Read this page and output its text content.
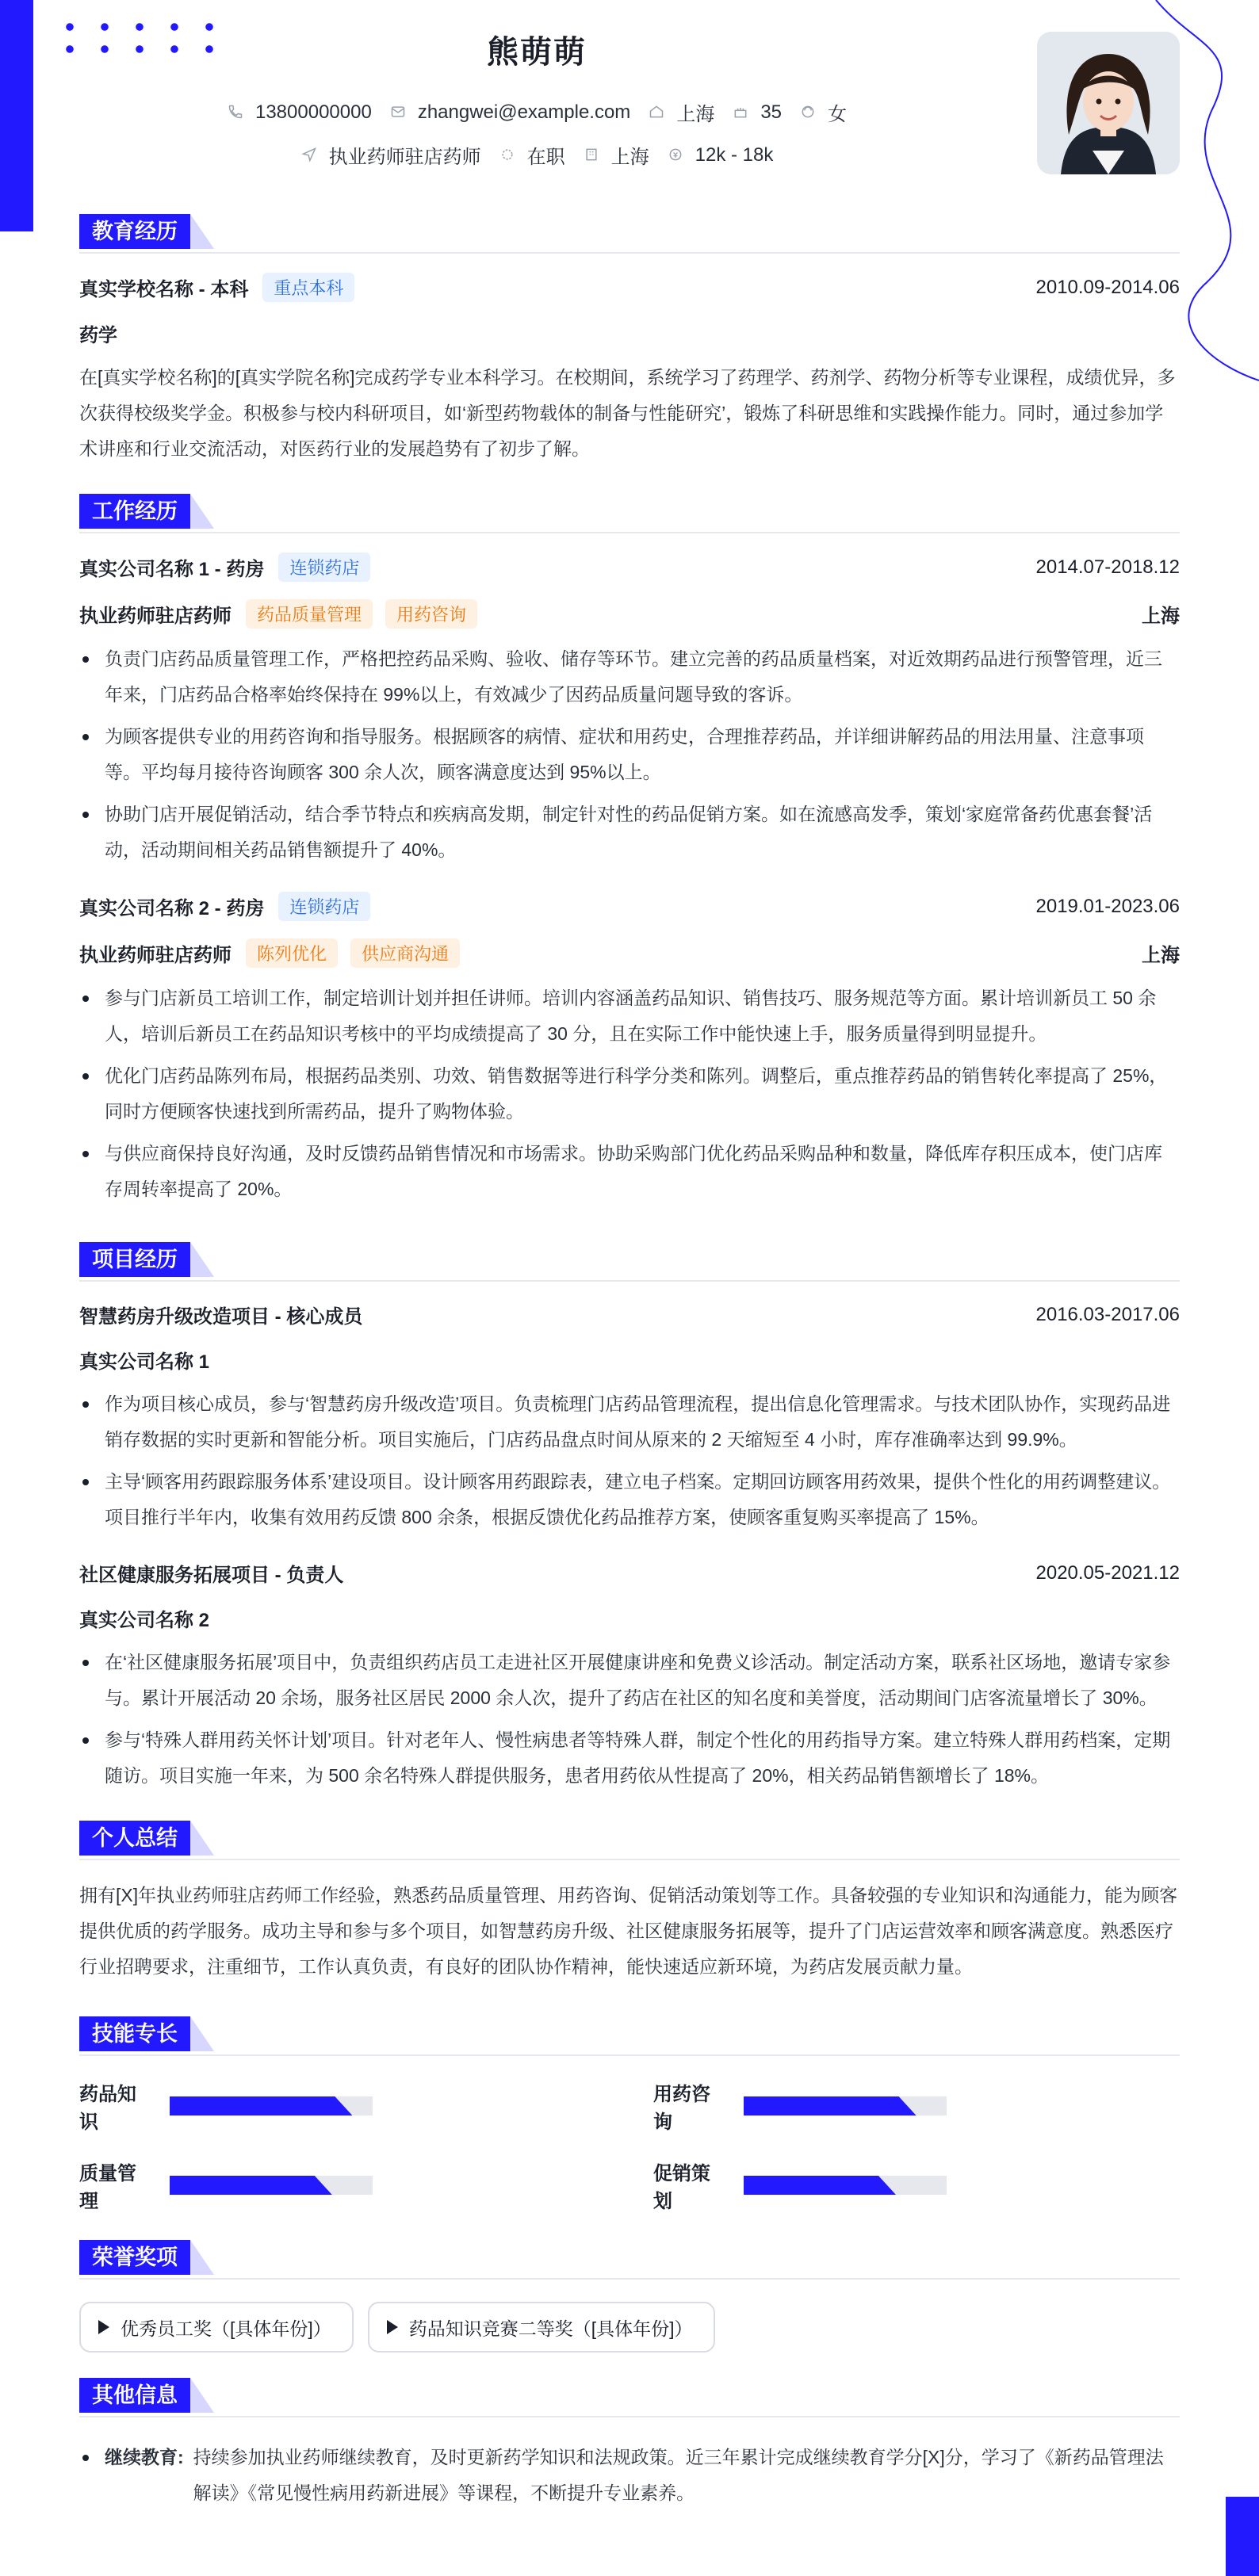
熊萌萌
13800000000 zhangwei@example.com 上海 35 女
执业药师驻店药师 在职 上海 12k - 18k
教育经历
真实学校名称 - 本科	重点本科	2010.09-2014.06
药学
在[真实学校名称]的[真实学院名称]完成药学专业本科学习。在校期间，系统学习了药理学、药剂学、药物分析等专业课程，成绩优异，多次获得校级奖学金。积极参与校内科研项目，如‘新型药物载体的制备与性能研究’，锻炼了科研思维和实践操作能力。同时，通过参加学术讲座和行业交流活动，对医药行业的发展趋势有了初步了解。
工作经历
真实公司名称 1 - 药房	连锁药店	2014.07-2018.12
执业药师驻店药师	药品质量管理	用药咨询	上海
负责门店药品质量管理工作，严格把控药品采购、验收、储存等环节。建立完善的药品质量档案，对近效期药品进行预警管理，近三年来，门店药品合格率始终保持在 99%以上，有效减少了因药品质量问题导致的客诉。
为顾客提供专业的用药咨询和指导服务。根据顾客的病情、症状和用药史，合理推荐药品，并详细讲解药品的用法用量、注意事项等。平均每月接待咨询顾客 300 余人次，顾客满意度达到 95%以上。
协助门店开展促销活动，结合季节特点和疾病高发期，制定针对性的药品促销方案。如在流感高发季，策划‘家庭常备药优惠套餐’活动，活动期间相关药品销售额提升了 40%。
真实公司名称 2 - 药房	连锁药店	2019.01-2023.06
执业药师驻店药师	陈列优化	供应商沟通	上海
参与门店新员工培训工作，制定培训计划并担任讲师。培训内容涵盖药品知识、销售技巧、服务规范等方面。累计培训新员工 50 余人，培训后新员工在药品知识考核中的平均成绩提高了 30 分，且在实际工作中能快速上手，服务质量得到明显提升。
优化门店药品陈列布局，根据药品类别、功效、销售数据等进行科学分类和陈列。调整后，重点推荐药品的销售转化率提高了 25%，同时方便顾客快速找到所需药品，提升了购物体验。
与供应商保持良好沟通，及时反馈药品销售情况和市场需求。协助采购部门优化药品采购品种和数量，降低库存积压成本，使门店库存周转率提高了 20%。
项目经历
智慧药房升级改造项目 - 核心成员	2016.03-2017.06
真实公司名称 1
作为项目核心成员，参与‘智慧药房升级改造’项目。负责梳理门店药品管理流程，提出信息化管理需求。与技术团队协作，实现药品进销存数据的实时更新和智能分析。项目实施后，门店药品盘点时间从原来的 2 天缩短至 4 小时，库存准确率达到 99.9%。
主导‘顾客用药跟踪服务体系’建设项目。设计顾客用药跟踪表，建立电子档案。定期回访顾客用药效果，提供个性化的用药调整建议。项目推行半年内，收集有效用药反馈 800 余条，根据反馈优化药品推荐方案，使顾客重复购买率提高了 15%。
社区健康服务拓展项目 - 负责人	2020.05-2021.12
真实公司名称 2
在‘社区健康服务拓展’项目中，负责组织药店员工走进社区开展健康讲座和免费义诊活动。制定活动方案，联系社区场地，邀请专家参与。累计开展活动 20 余场，服务社区居民 2000 余人次，提升了药店在社区的知名度和美誉度，活动期间门店客流量增长了 30%。
参与‘特殊人群用药关怀计划’项目。针对老年人、慢性病患者等特殊人群，制定个性化的用药指导方案。建立特殊人群用药档案，定期随访。项目实施一年来，为 500 余名特殊人群提供服务，患者用药依从性提高了 20%，相关药品销售额增长了 18%。
个人总结
拥有[X]年执业药师驻店药师工作经验，熟悉药品质量管理、用药咨询、促销活动策划等工作。具备较强的专业知识和沟通能力，能为顾客提供优质的药学服务。成功主导和参与多个项目，如智慧药房升级、社区健康服务拓展等，提升了门店运营效率和顾客满意度。熟悉医疗行业招聘要求，注重细节，工作认真负责，有良好的团队协作精神，能快速适应新环境，为药店发展贡献力量。
技能专长
药品知识
用药咨询
质量管理
促销策划
荣誉奖项
优秀员工奖（[具体年份]）	药品知识竞赛二等奖（[具体年份]）
其他信息
继续教育: 持续参加执业药师继续教育，及时更新药学知识和法规政策。近三年累计完成继续教育学分[X]分，学习了《新药品管理法解读》《常见慢性病用药新进展》等课程，不断提升专业素养。
